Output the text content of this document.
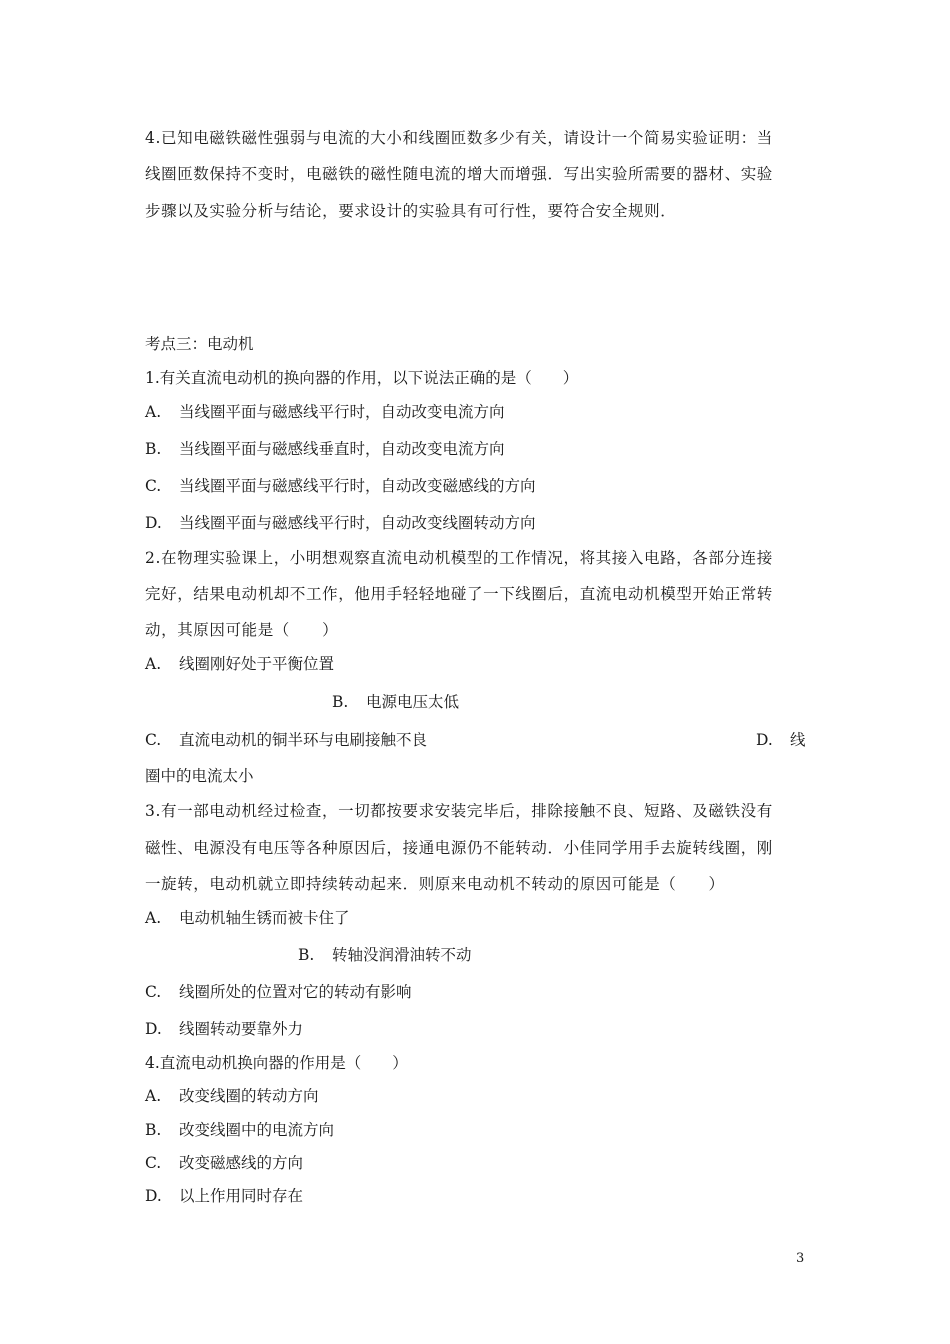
4.已知电磁铁磁性强弱与电流的大小和线圈匝数多少有关，请设计一个简易实验证明：当
线圈匝数保持不变时，电磁铁的磁性随电流的增大而增强．写出实验所需要的器材、实验
步骤以及实验分析与结论，要求设计的实验具有可行性，要符合安全规则．
考点三：电动机
1.有关直流电动机的换向器的作用，以下说法正确的是（　　）
A. 当线圈平面与磁感线平行时，自动改变电流方向
B. 当线圈平面与磁感线垂直时，自动改变电流方向
C. 当线圈平面与磁感线平行时，自动改变磁感线的方向
D. 当线圈平面与磁感线平行时，自动改变线圈转动方向
2.在物理实验课上，小明想观察直流电动机模型的工作情况，将其接入电路，各部分连接
完好，结果电动机却不工作，他用手轻轻地碰了一下线圈后，直流电动机模型开始正常转
动，其原因可能是（　　）
A. 线圈刚好处于平衡位置
B. 电源电压太低
C. 直流电动机的铜半环与电刷接触不良	D. 线
圈中的电流太小
3.有一部电动机经过检查，一切都按要求安装完毕后，排除接触不良、短路、及磁铁没有
磁性、电源没有电压等各种原因后，接通电源仍不能转动．小佳同学用手去旋转线圈，刚
一旋转，电动机就立即持续转动起来．则原来电动机不转动的原因可能是（　　）
A. 电动机轴生锈而被卡住了
B. 转轴没润滑油转不动
C. 线圈所处的位置对它的转动有影响
D. 线圈转动要靠外力
4.直流电动机换向器的作用是（　　）
A. 改变线圈的转动方向
B. 改变线圈中的电流方向
C. 改变磁感线的方向
D. 以上作用同时存在
3
